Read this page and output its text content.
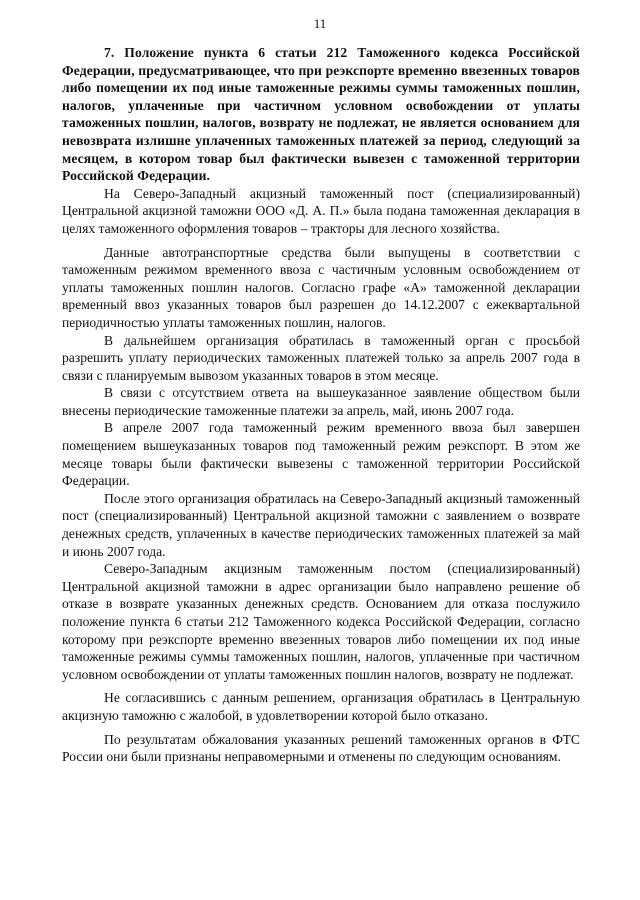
11

7. Положение пункта 6 статьи 212 Таможенного кодекса Российской Федерации, предусматривающее, что при реэкспорте временно ввезенных товаров либо помещении их под иные таможенные режимы суммы таможенных пошлин, налогов, уплаченные при частичном условном освобождении от уплаты таможенных пошлин, налогов, возврату не подлежат, не является основанием для невозврата излишне уплаченных таможенных платежей за период, следующий за месяцем, в котором товар был фактически вывезен с таможенной территории Российской Федерации.

На Северо-Западный акцизный таможенный пост (специализированный) Центральной акцизной таможни ООО «Д. А. П.» была подана таможенная декларация в целях таможенного оформления товаров – тракторы для лесного хозяйства.

Данные автотранспортные средства были выпущены в соответствии с таможенным режимом временного ввоза с частичным условным освобождением от уплаты таможенных пошлин налогов. Согласно графе «А» таможенной декларации временный ввоз указанных товаров был разрешен до 14.12.2007 с ежеквартальной периодичностью уплаты таможенных пошлин, налогов.

В дальнейшем организация обратилась в таможенный орган с просьбой разрешить уплату периодических таможенных платежей только за апрель 2007 года в связи с планируемым вывозом указанных товаров в этом месяце.

В связи с отсутствием ответа на вышеуказанное заявление обществом были внесены периодические таможенные платежи за апрель, май, июнь 2007 года.

В апреле 2007 года таможенный режим временного ввоза был завершен помещением вышеуказанных товаров под таможенный режим реэкспорт. В этом же месяце товары были фактически вывезены с таможенной территории Российской Федерации.

После этого организация обратилась на Северо-Западный акцизный таможенный пост (специализированный) Центральной акцизной таможни с заявлением о возврате денежных средств, уплаченных в качестве периодических таможенных платежей за май и июнь 2007 года.

Северо-Западным акцизным таможенным постом (специализированный) Центральной акцизной таможни в адрес организации было направлено решение об отказе в возврате указанных денежных средств. Основанием для отказа послужило положение пункта 6 статьи 212 Таможенного кодекса Российской Федерации, согласно которому при реэкспорте временно ввезенных товаров либо помещении их под иные таможенные режимы суммы таможенных пошлин, налогов, уплаченные при частичном условном освобождении от уплаты таможенных пошлин налогов, возврату не подлежат.

Не согласившись с данным решением, организация обратилась в Центральную акцизную таможню с жалобой, в удовлетворении которой было отказано.

По результатам обжалования указанных решений таможенных органов в ФТС России они были признаны неправомерными и отменены по следующим основаниям.
